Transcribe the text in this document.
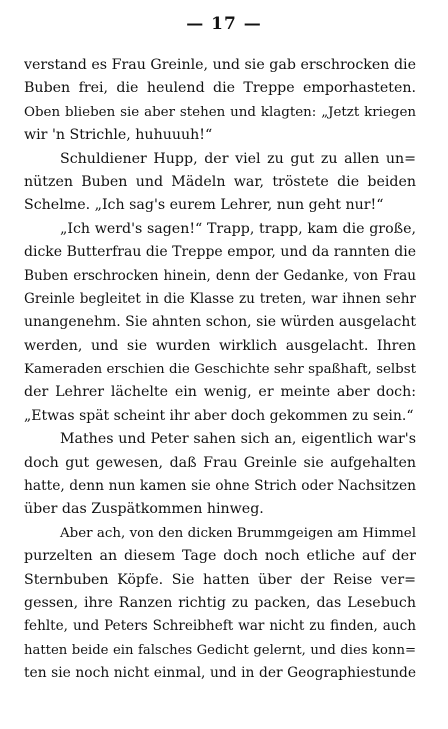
— 17 —
verstand es Frau Greinle, und sie gab erschrocken die
Buben frei, die heulend die Treppe emporhasteten.
Oben blieben sie aber stehen und klagten: „Jetzt kriegen
wir 'n Strichle, huhuuuh!“
Schuldiener Hupp, der viel zu gut zu allen un=
nützen Buben und Mädeln war, tröstete die beiden
Schelme. „Ich sag's eurem Lehrer, nun geht nur!“
„Ich werd's sagen!“ Trapp, trapp, kam die große,
dicke Butterfrau die Treppe empor, und da rannten die
Buben erschrocken hinein, denn der Gedanke, von Frau
Greinle begleitet in die Klasse zu treten, war ihnen sehr
unangenehm. Sie ahnten schon, sie würden ausgelacht
werden, und sie wurden wirklich ausgelacht. Ihren
Kameraden erschien die Geschichte sehr spaßhaft, selbst
der Lehrer lächelte ein wenig, er meinte aber doch:
„Etwas spät scheint ihr aber doch gekommen zu sein.“
Mathes und Peter sahen sich an, eigentlich war's
doch gut gewesen, daß Frau Greinle sie aufgehalten
hatte, denn nun kamen sie ohne Strich oder Nachsitzen
über das Zuspätkommen hinweg.
Aber ach, von den dicken Brummgeigen am Himmel
purzelten an diesem Tage doch noch etliche auf der
Sternbuben Köpfe. Sie hatten über der Reise ver=
gessen, ihre Ranzen richtig zu packen, das Lesebuch
fehlte, und Peters Schreibheft war nicht zu finden, auch
hatten beide ein falsches Gedicht gelernt, und dies konn=
ten sie noch nicht einmal, und in der Geographiestunde
